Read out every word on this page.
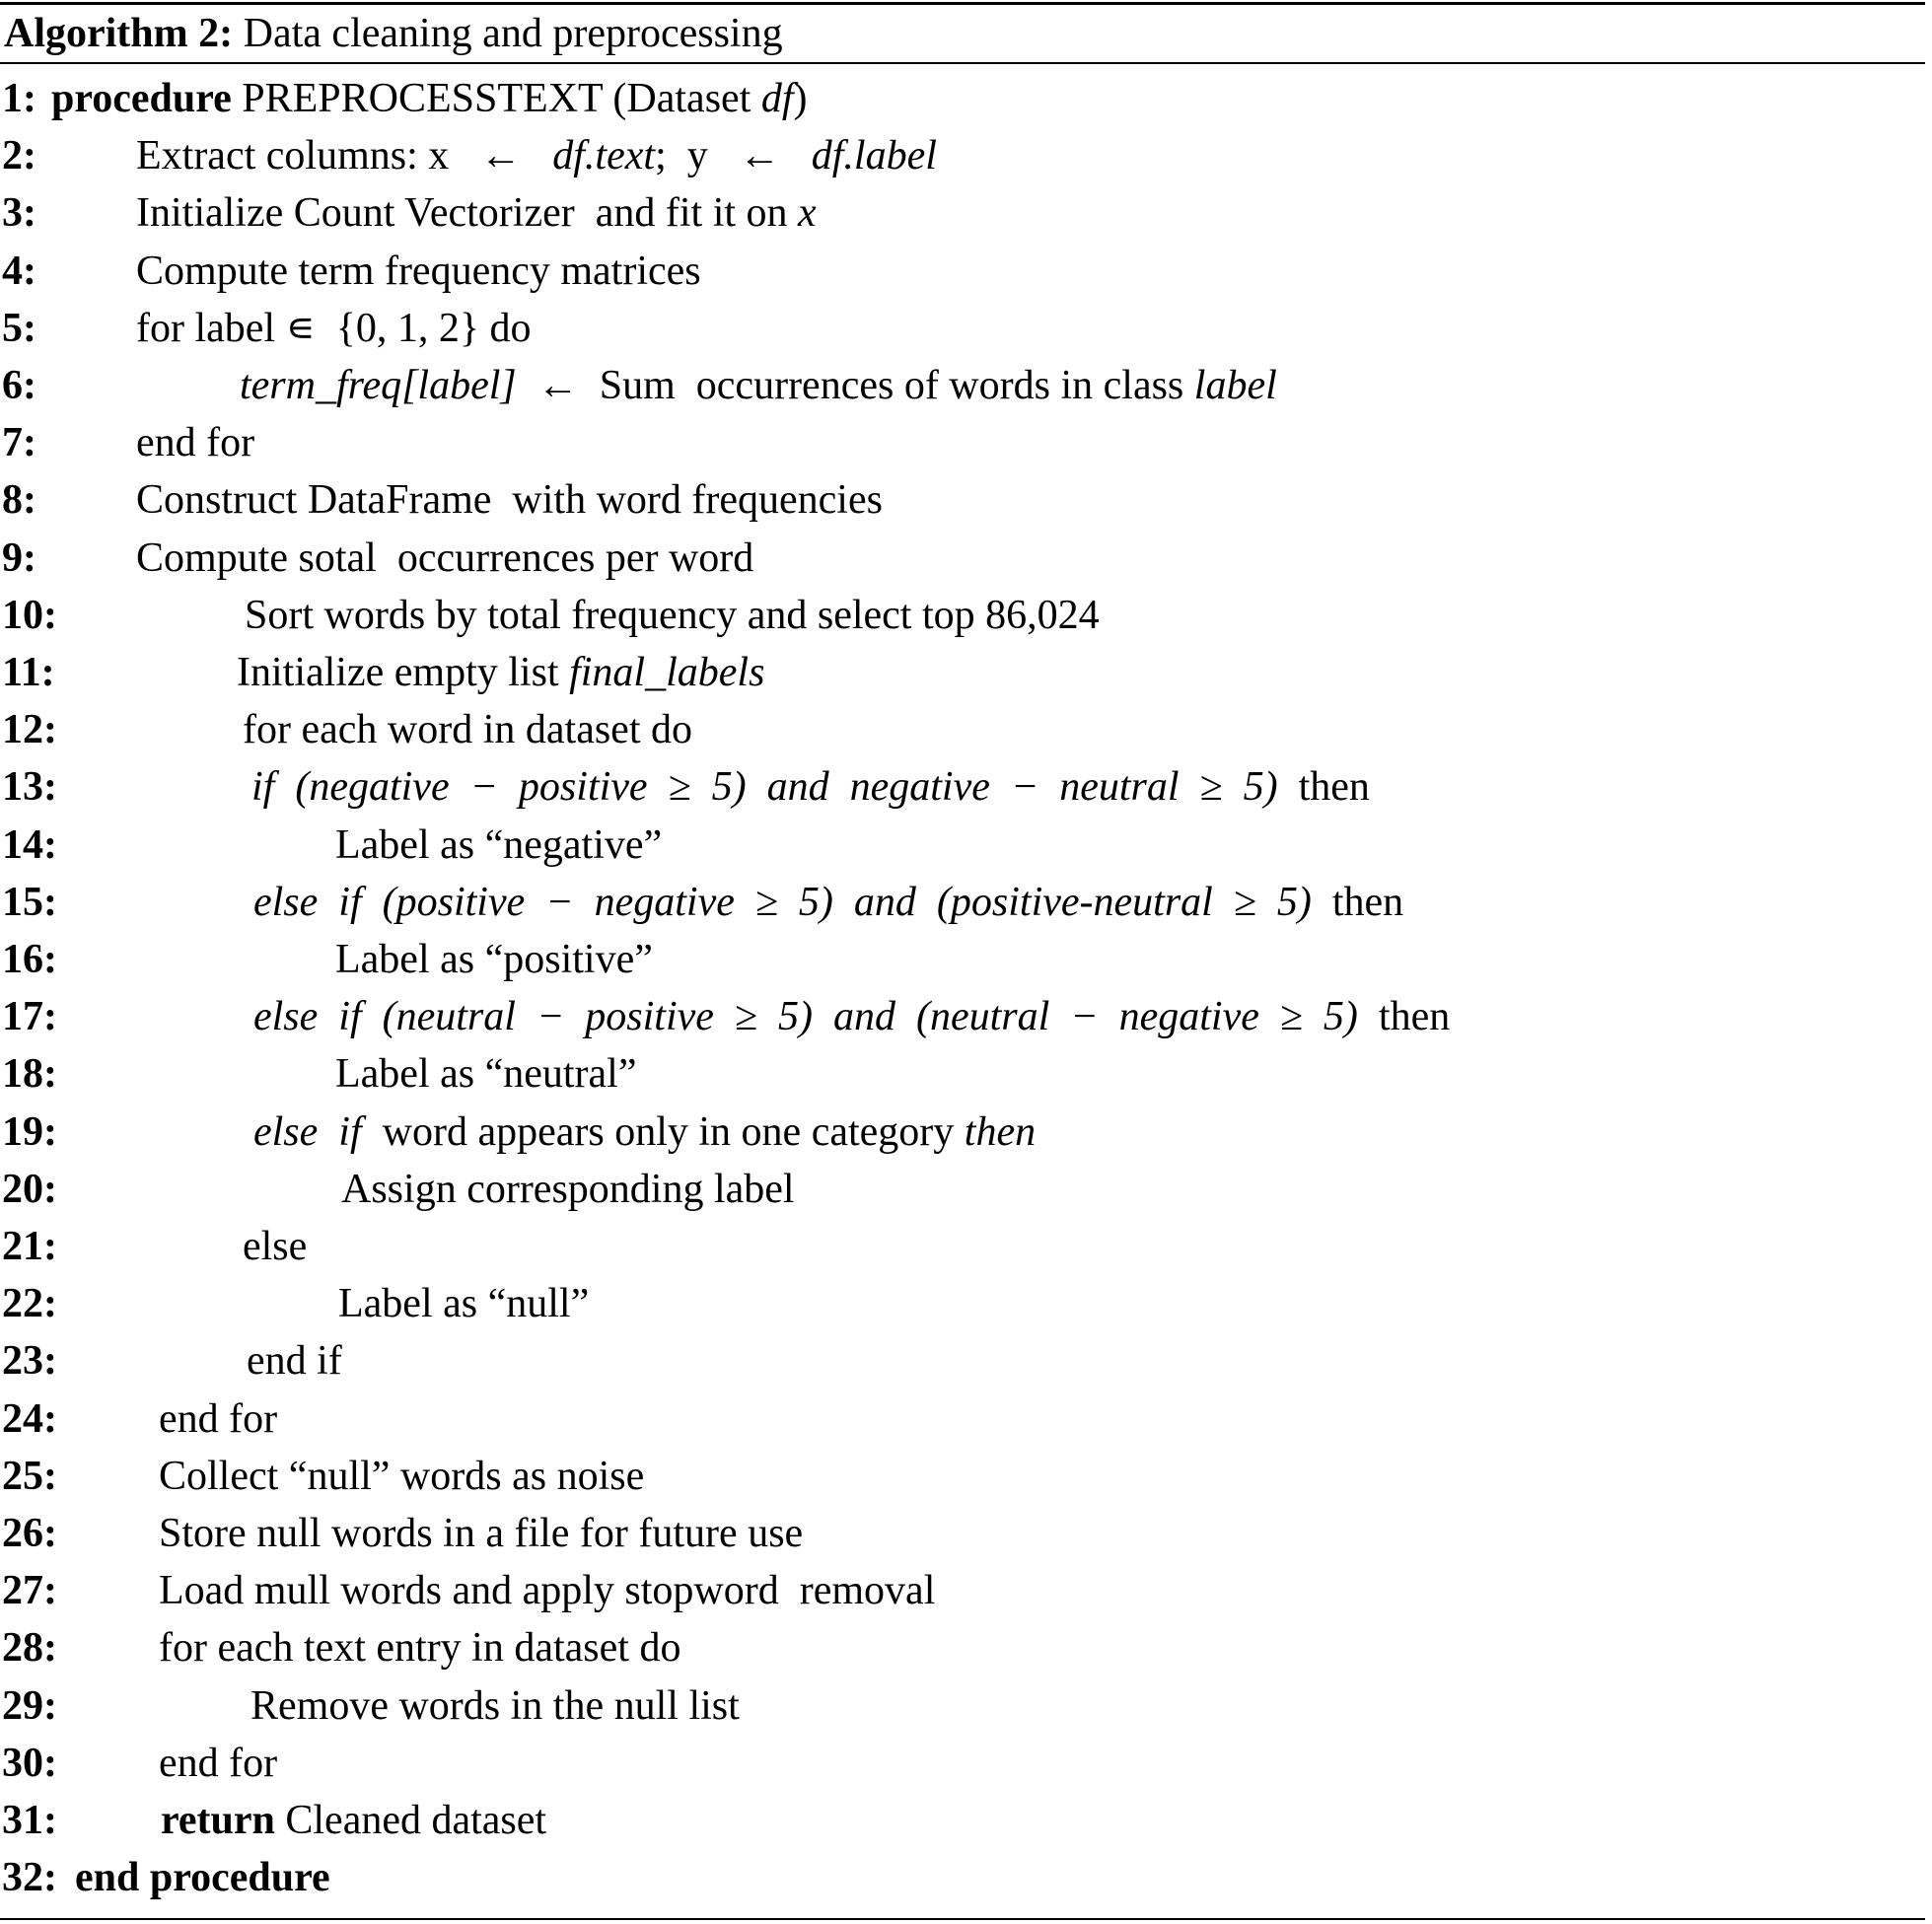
Algorithm 2: Data cleaning and preprocessing
1: procedure PREPROCESSTEXT (Dataset df)
2: Extract columns: x   ←   df.text;  y   ←   df.label
3: Initialize Count Vectorizer  and fit it on x
4: Compute term frequency matrices
5: for label ∊  {0, 1, 2} do
6:	term_freq[label]  ←  Sum  occurrences of words in class label
7: end for
8: Construct DataFrame  with word frequencies
9: Compute sotal  occurrences per word
10:	Sort words by total frequency and select top 86,024
11:	Initialize empty list final_labels
12:	for each word in dataset do
13:	if  (negative  −  positive  ≥  5)  and  negative  −  neutral  ≥  5)  then
14:	Label as “negative”
15:	else  if  (positive  −  negative  ≥  5)  and  (positive-neutral  ≥  5)  then
16:	Label as “positive”
17:	else  if  (neutral  −  positive  ≥  5)  and  (neutral  −  negative  ≥  5)  then
18:	Label as “neutral”
19:	else  if  word appears only in one category then
20:	Assign corresponding label
21:	else
22:	Label as “null”
23:	end if
24: end for
25: Collect “null” words as noise
26: Store null words in a file for future use
27: Load mull words and apply stopword  removal
28: for each text entry in dataset do
29:	Remove words in the null list
30: end for
31:	return Cleaned dataset
32: end procedure
